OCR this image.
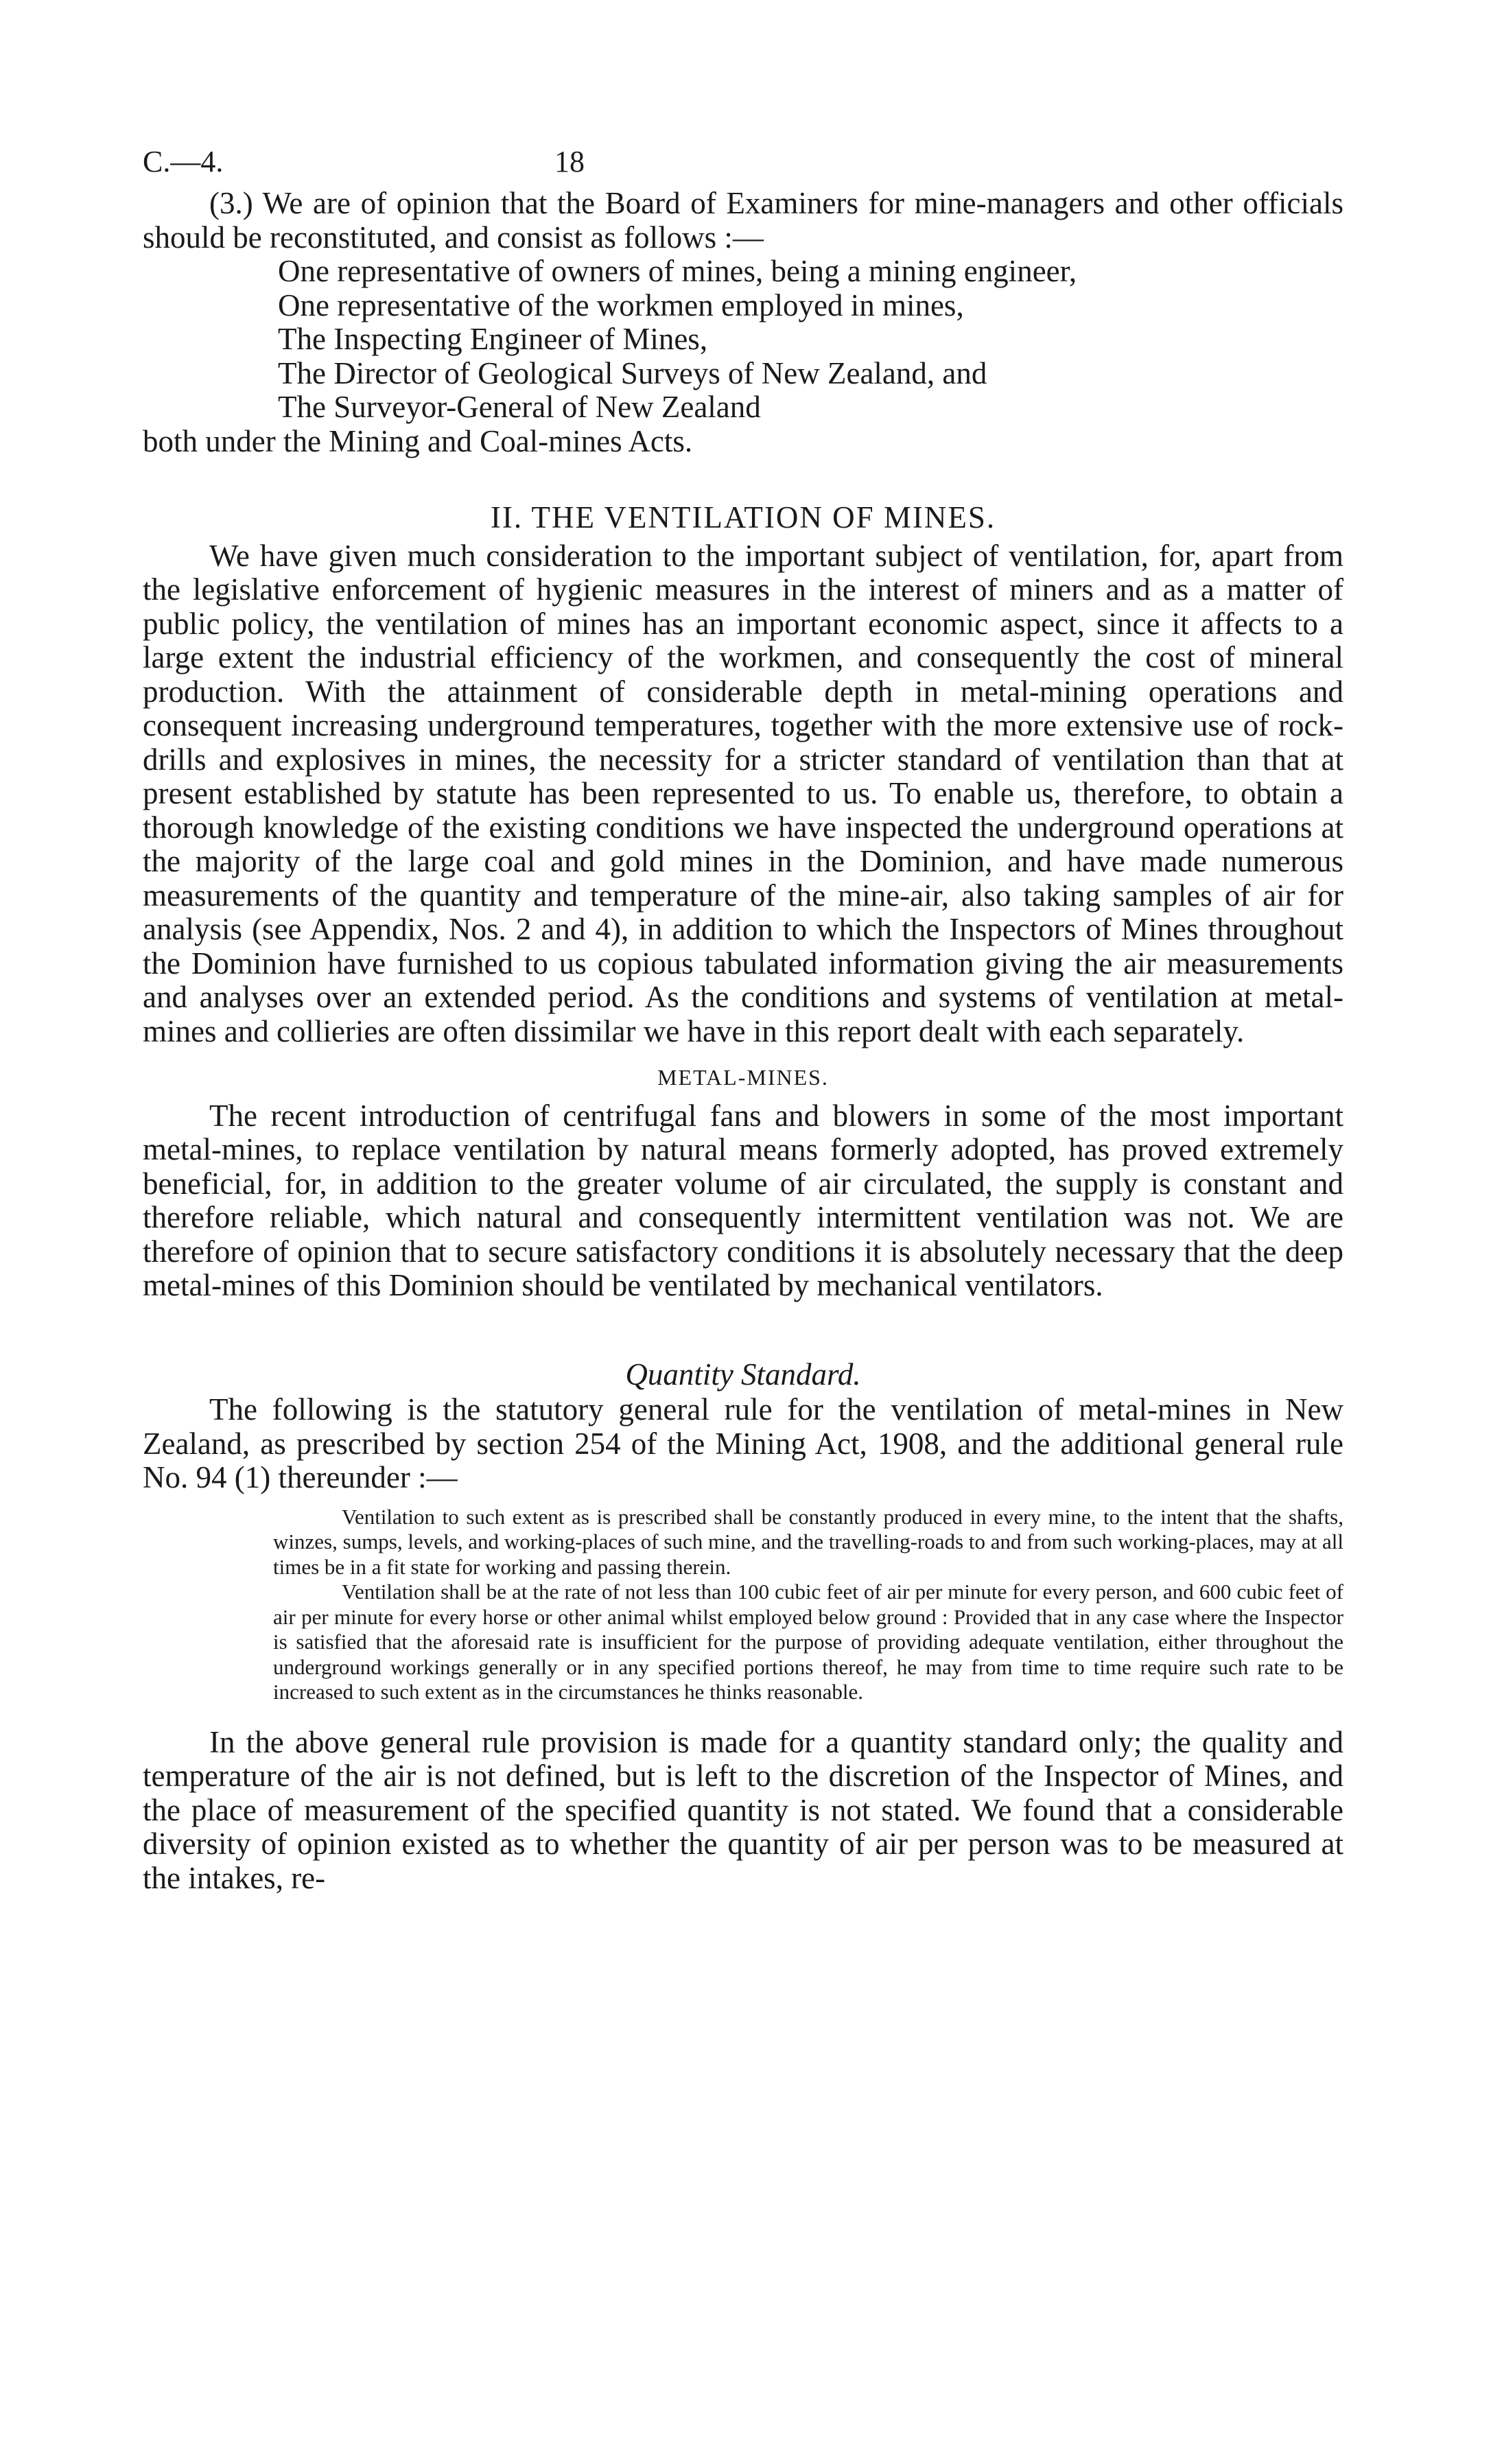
C.—4.	18

(3.) We are of opinion that the Board of Examiners for mine-managers and other officials should be reconstituted, and consist as follows :—

One representative of owners of mines, being a mining engineer,
One representative of the workmen employed in mines,
The Inspecting Engineer of Mines,
The Director of Geological Surveys of New Zealand, and
The Surveyor-General of New Zealand

both under the Mining and Coal-mines Acts.

II. THE VENTILATION OF MINES.

We have given much consideration to the important subject of ventilation, for, apart from the legislative enforcement of hygienic measures in the interest of miners and as a matter of public policy, the ventilation of mines has an important economic aspect, since it affects to a large extent the industrial efficiency of the workmen, and consequently the cost of mineral production. With the attainment of considerable depth in metal-mining operations and consequent increasing underground temperatures, together with the more extensive use of rock-drills and explosives in mines, the necessity for a stricter standard of ventilation than that at present established by statute has been represented to us. To enable us, therefore, to obtain a thorough knowledge of the existing conditions we have inspected the underground operations at the majority of the large coal and gold mines in the Dominion, and have made numerous measurements of the quantity and temperature of the mine-air, also taking samples of air for analysis (see Appendix, Nos. 2 and 4), in addition to which the Inspectors of Mines throughout the Dominion have furnished to us copious tabulated information giving the air measurements and analyses over an extended period. As the conditions and systems of ventilation at metal-mines and collieries are often dissimilar we have in this report dealt with each separately.

METAL-MINES.

The recent introduction of centrifugal fans and blowers in some of the most important metal-mines, to replace ventilation by natural means formerly adopted, has proved extremely beneficial, for, in addition to the greater volume of air circulated, the supply is constant and therefore reliable, which natural and consequently intermittent ventilation was not. We are therefore of opinion that to secure satisfactory conditions it is absolutely necessary that the deep metal-mines of this Dominion should be ventilated by mechanical ventilators.

Quantity Standard.

The following is the statutory general rule for the ventilation of metal-mines in New Zealand, as prescribed by section 254 of the Mining Act, 1908, and the additional general rule No. 94 (1) thereunder :—

Ventilation to such extent as is prescribed shall be constantly produced in every mine, to the intent that the shafts, winzes, sumps, levels, and working-places of such mine, and the travelling-roads to and from such working-places, may at all times be in a fit state for working and passing therein.

Ventilation shall be at the rate of not less than 100 cubic feet of air per minute for every person, and 600 cubic feet of air per minute for every horse or other animal whilst employed below ground : Provided that in any case where the Inspector is satisfied that the aforesaid rate is insufficient for the purpose of providing adequate ventilation, either throughout the underground workings generally or in any specified portions thereof, he may from time to time require such rate to be increased to such extent as in the circumstances he thinks reasonable.

In the above general rule provision is made for a quantity standard only; the quality and temperature of the air is not defined, but is left to the discretion of the Inspector of Mines, and the place of measurement of the specified quantity is not stated. We found that a considerable diversity of opinion existed as to whether the quantity of air per person was to be measured at the intakes, re-
